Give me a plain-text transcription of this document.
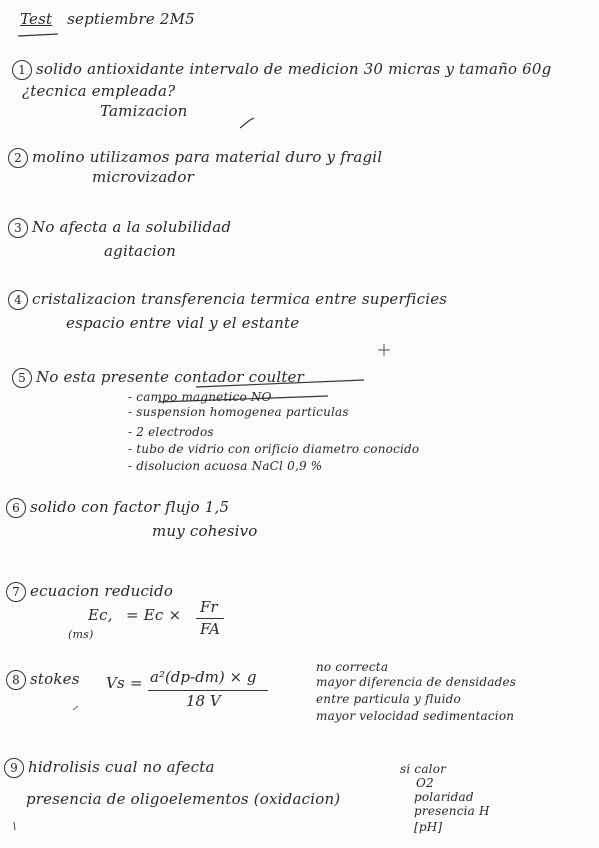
Test septiembre 2M5
1 solido antioxidante intervalo de medicion 30 micras y tamaño 60g
¿tecnica empleada?
Tamizacion
2 molino utilizamos para material duro y fragil
microvizador
3 No afecta a la solubilidad
agitacion
4 cristalizacion transferencia termica entre superficies
espacio entre vial y el estante
5 No esta presente contador coulter
- campo magnetico NO
- suspension homogenea particulas
- 2 electrodos
- tubo de vidrio con orificio diametro conocido
- disolucion acuosa NaCl 0,9 %
6 solido con factor flujo 1,5
muy cohesivo
7 ecuacion reducido
Ec,
(ms)
= Ec × Fr
FA
8 stokes Vs = a²(dp-dm) × g
18 V
no correcta
mayor diferencia de densidades
entre particula y fluido
mayor velocidad sedimentacion
9 hidrolisis cual no afecta
presencia de oligoelementos (oxidacion)
si calor
O2
polaridad
presencia H
[pH]
